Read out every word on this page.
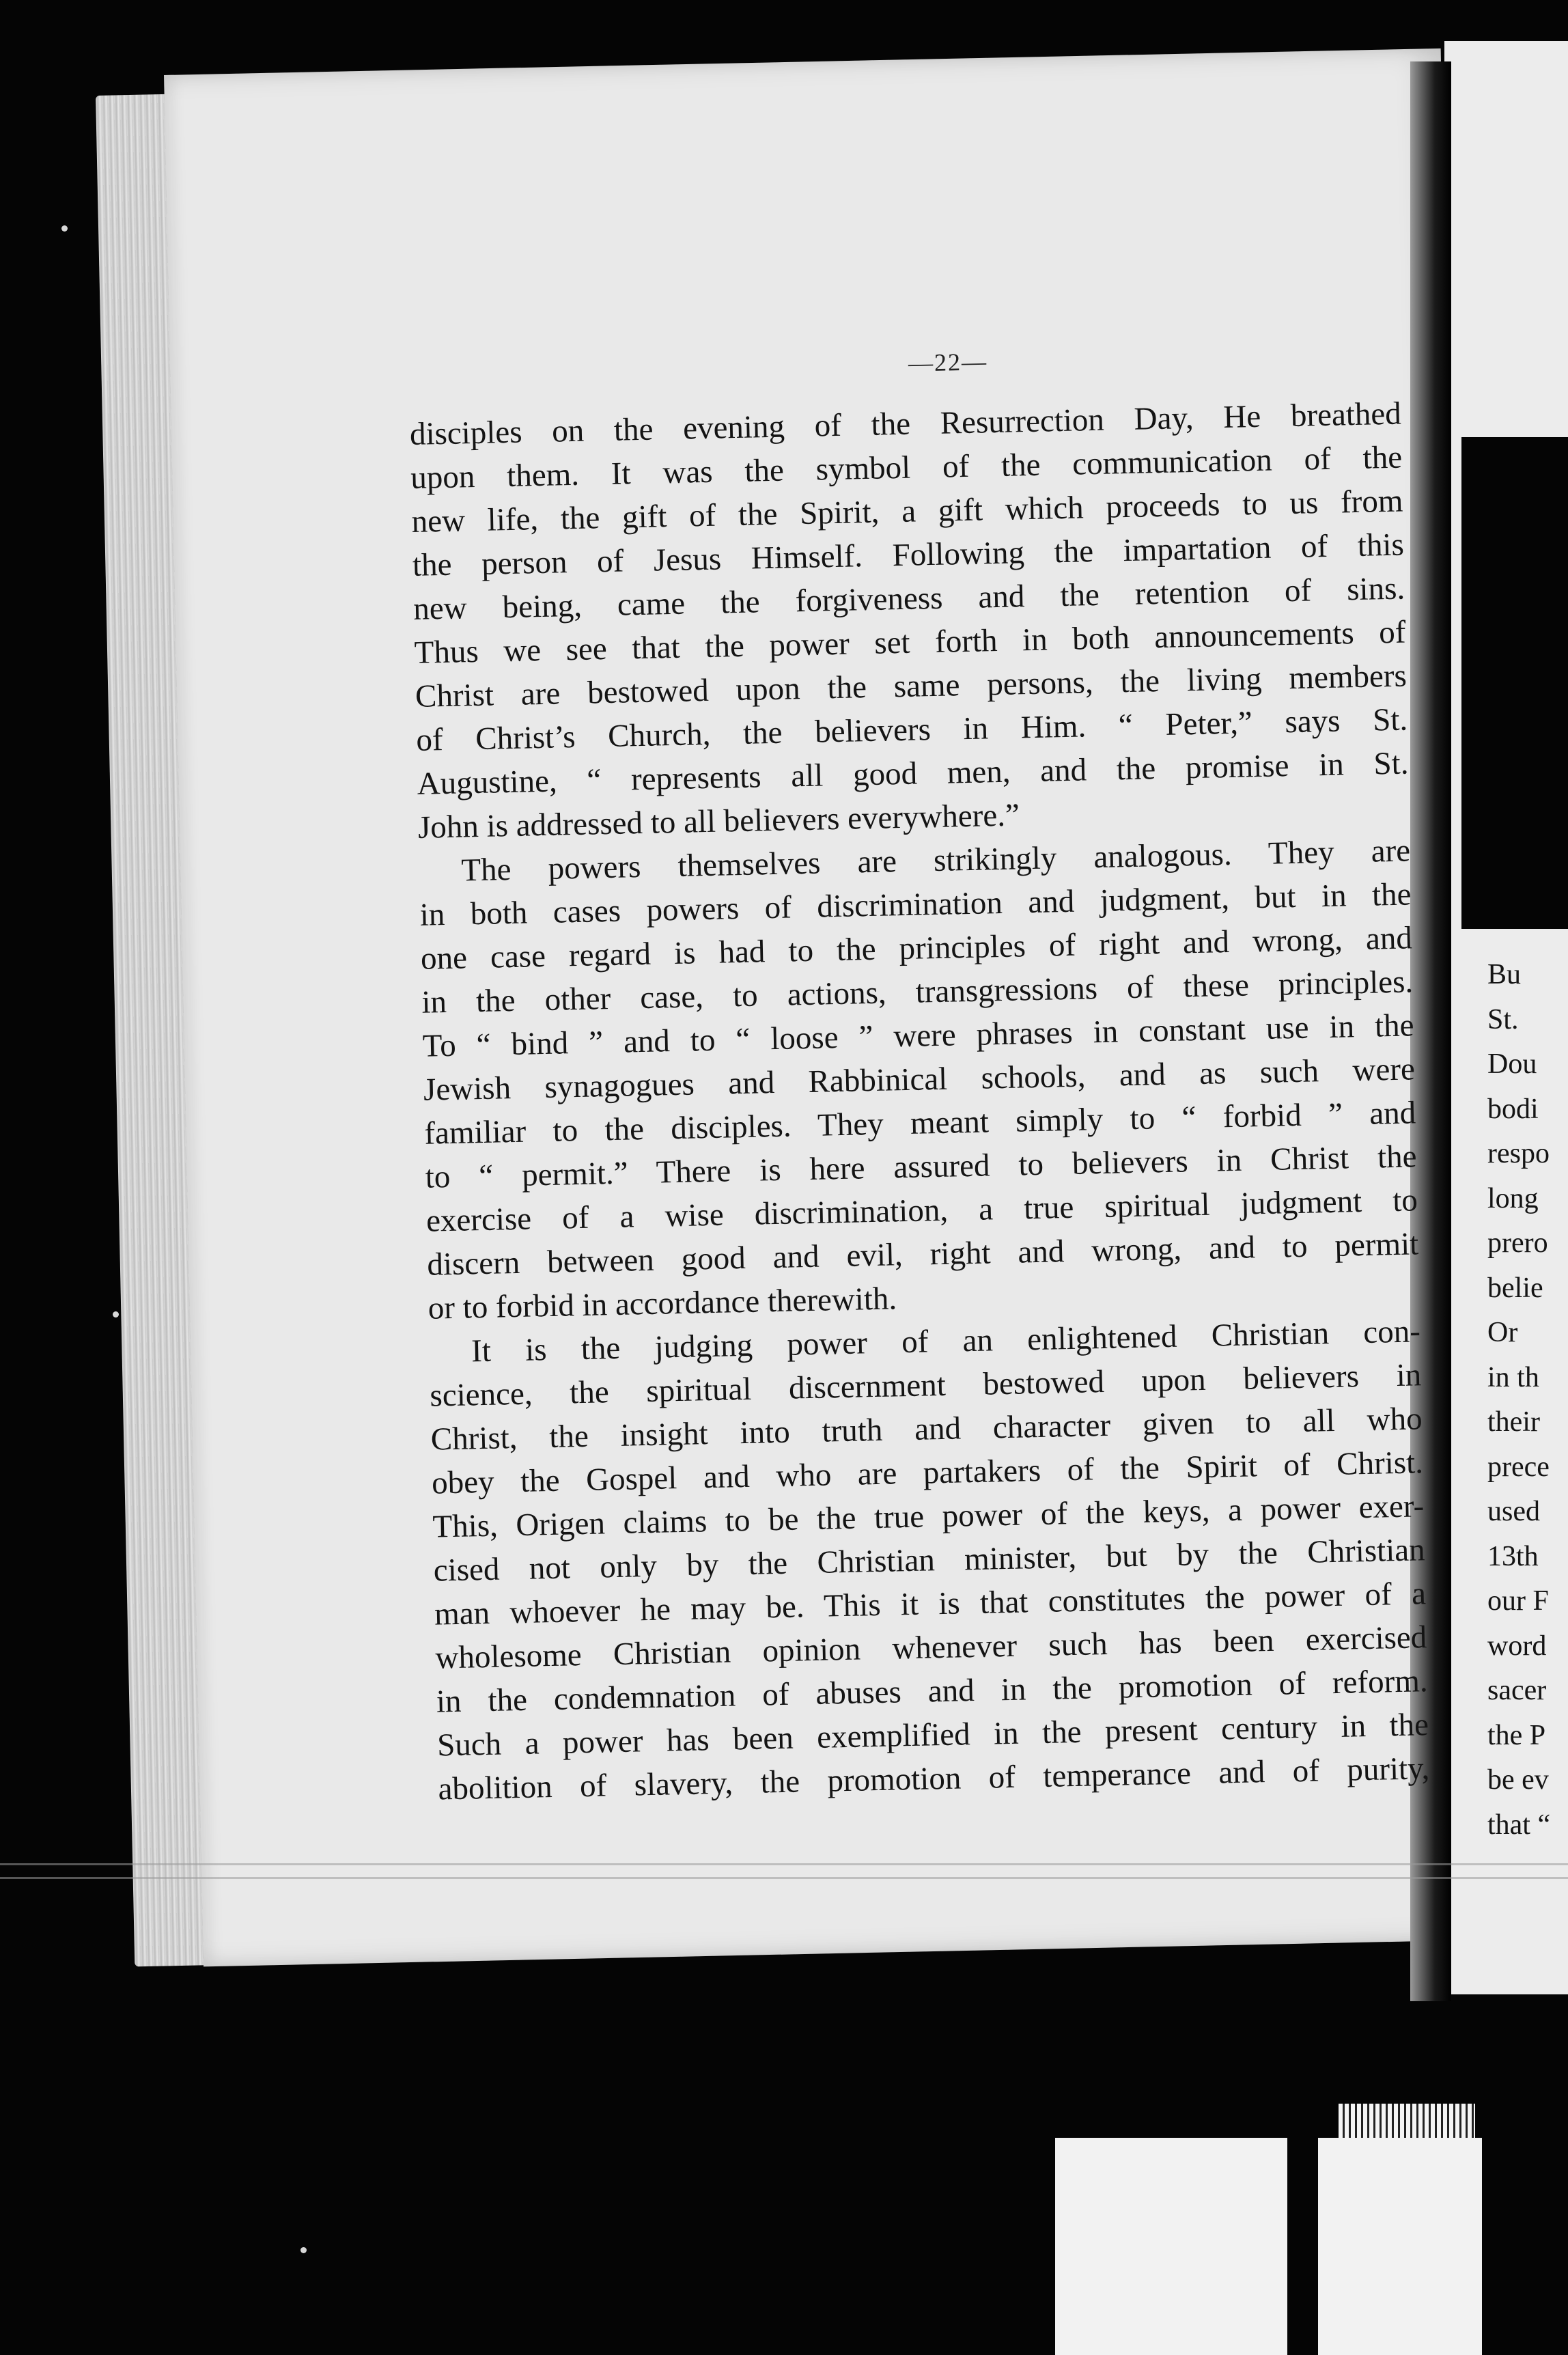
—22—
disciples on the evening of the Resurrection Day, He breathed
upon them. It was the symbol of the communication of the
new life, the gift of the Spirit, a gift which proceeds to us from
the person of Jesus Himself. Following the impartation of this
new being, came the forgiveness and the retention of sins.
Thus we see that the power set forth in both announcements of
Christ are bestowed upon the same persons, the living members
of Christ’s Church, the believers in Him. “ Peter,” says St.
Augustine, “ represents all good men, and the promise in St.
John is addressed to all believers everywhere.”
The powers themselves are strikingly analogous. They are
in both cases powers of discrimination and judgment, but in the
one case regard is had to the principles of right and wrong, and
in the other case, to actions, transgressions of these principles.
To “ bind ” and to “ loose ” were phrases in constant use in the
Jewish synagogues and Rabbinical schools, and as such were
familiar to the disciples. They meant simply to “ forbid ” and
to “ permit.” There is here assured to believers in Christ the
exercise of a wise discrimination, a true spiritual judgment to
discern between good and evil, right and wrong, and to permit
or to forbid in accordance therewith.
It is the judging power of an enlightened Christian con-
science, the spiritual discernment bestowed upon believers in
Christ, the insight into truth and character given to all who
obey the Gospel and who are partakers of the Spirit of Christ.
This, Origen claims to be the true power of the keys, a power exer-
cised not only by the Christian minister, but by the Christian
man whoever he may be. This it is that constitutes the power of a
wholesome Christian opinion whenever such has been exercised
in the condemnation of abuses and in the promotion of reform.
Such a power has been exemplified in the present century in the
abolition of slavery, the promotion of temperance and of purity,
Bu
St.
Dou
bodi
respo
long
prero
belie
Or
in th
their
prece
used
13th
our F
word
sacer
the P
be ev
that “
